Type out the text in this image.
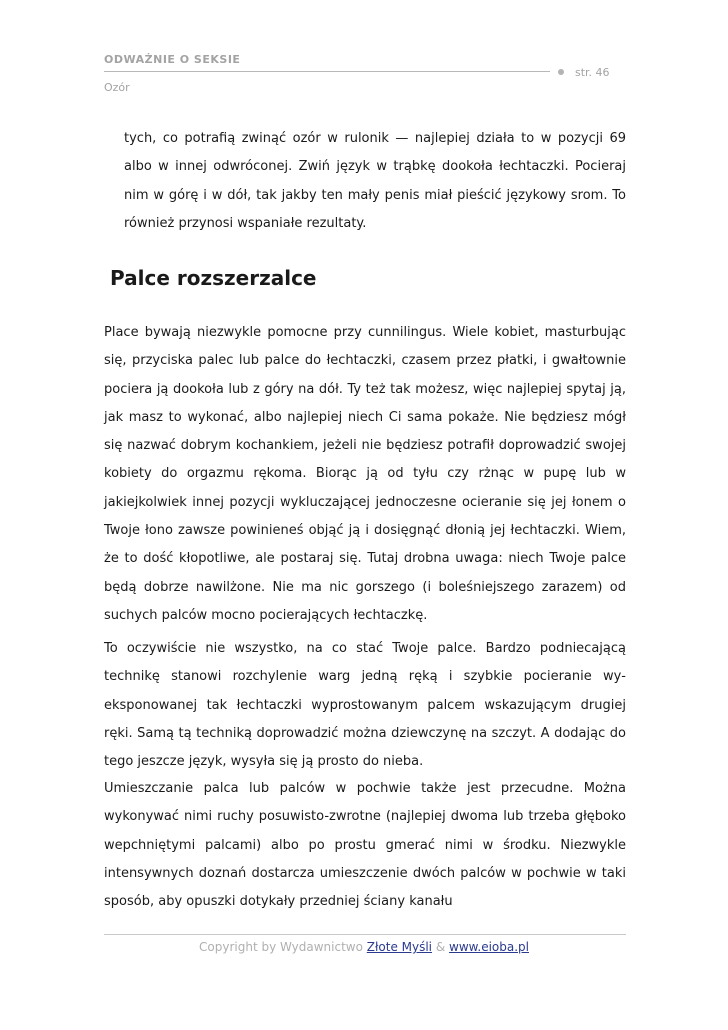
ODWAŻNIE O SEKSIE
str. 46
Ozór

tych, co potrafią zwinąć ozór w rulonik — najlepiej działa to w pozycji 69 albo w innej odwróconej. Zwiń język w trąbkę dookoła łechtaczki. Pocieraj nim w górę i w dół, tak jakby ten mały penis miał pieścić językowy srom. To również przynosi wspaniałe rezultaty.

Palce rozszerzalce

Place bywają niezwykle pomocne przy cunnilingus. Wiele kobiet, masturbując się, przyciska palec lub palce do łechtaczki, czasem przez płatki, i gwałtownie pociera ją dookoła lub z góry na dół. Ty też tak możesz, więc najlepiej spytaj ją, jak masz to wykonać, albo najlepiej niech Ci sama pokaże. Nie będziesz mógł się nazwać dobrym kochankiem, jeżeli nie będziesz potrafił doprowadzić swojej kobiety do orgazmu rękoma. Biorąc ją od tyłu czy rżnąc w pupę lub w jakiejkolwiek innej pozycji wykluczającej jednoczesne ocieranie się jej łonem o Twoje łono zawsze powinieneś objąć ją i dosięgnąć dłonią jej łechtaczki. Wiem, że to dość kłopotliwe, ale postaraj się. Tutaj drobna uwaga: niech Twoje palce będą dobrze nawilżone. Nie ma nic gorszego (i boleśniejszego zarazem) od suchych palców mocno pocierających łechtaczkę.

To oczywiście nie wszystko, na co stać Twoje palce. Bardzo podniecającą technikę stanowi rozchylenie warg jedną ręką i szybkie pocieranie wyeksponowanej tak łechtaczki wyprostowanym palcem wskazującym drugiej ręki. Samą tą techniką doprowadzić można dziewczynę na szczyt. A dodając do tego jeszcze język, wysyła się ją prosto do nieba.

Umieszczanie palca lub palców w pochwie także jest przecudne. Można wykonywać nimi ruchy posuwisto-zwrotne (najlepiej dwoma lub trzeba głęboko wepchniętymi palcami) albo po prostu gmerać nimi w środku. Niezwykle intensywnych doznań dostarcza umieszczenie dwóch palców w pochwie w taki sposób, aby opuszki dotykały przedniej ściany kanału

Copyright by Wydawnictwo Złote Myśli & www.eioba.pl
